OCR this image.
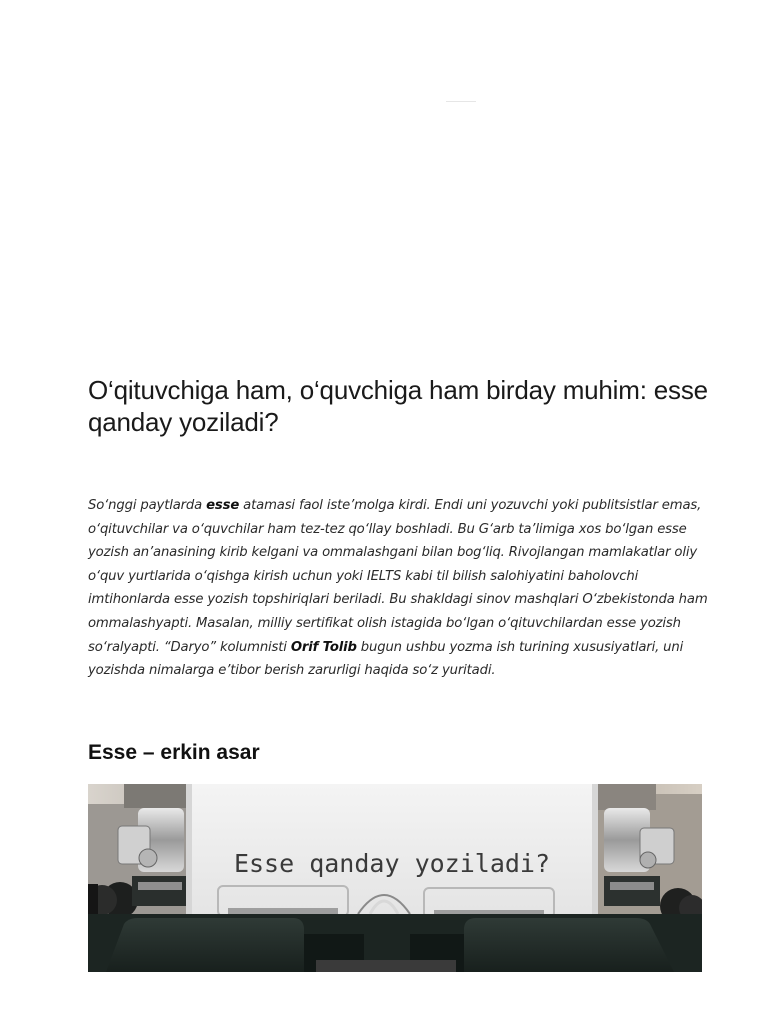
O‘qituvchiga ham, o‘quvchiga ham birday muhim: esse qanday yoziladi?

So‘nggi paytlarda esse atamasi faol iste’molga kirdi. Endi uni yozuvchi yoki publitsistlar emas, o‘qituvchilar va o‘quvchilar ham tez-tez qo‘llay boshladi. Bu G‘arb ta’limiga xos bo‘lgan esse yozish an’anasining kirib kelgani va ommalashgani bilan bog‘liq. Rivojlangan mamlakatlar oliy o‘quv yurtlarida o‘qishga kirish uchun yoki IELTS kabi til bilish salohiyatini baholovchi imtihonlarda esse yozish topshiriqlari beriladi. Bu shakldagi sinov mashqlari O‘zbekistonda ham ommalashyapti. Masalan, milliy sertifikat olish istagida bo‘lgan o‘qituvchilardan esse yozish so‘ralyapti. “Daryo” kolumnisti Orif Tolib bugun ushbu yozma ish turining xususiyatlari, uni yozishda nimalarga e’tibor berish zarurligi haqida so‘z yuritadi.

Esse – erkin asar
Esse qanday yoziladi?
